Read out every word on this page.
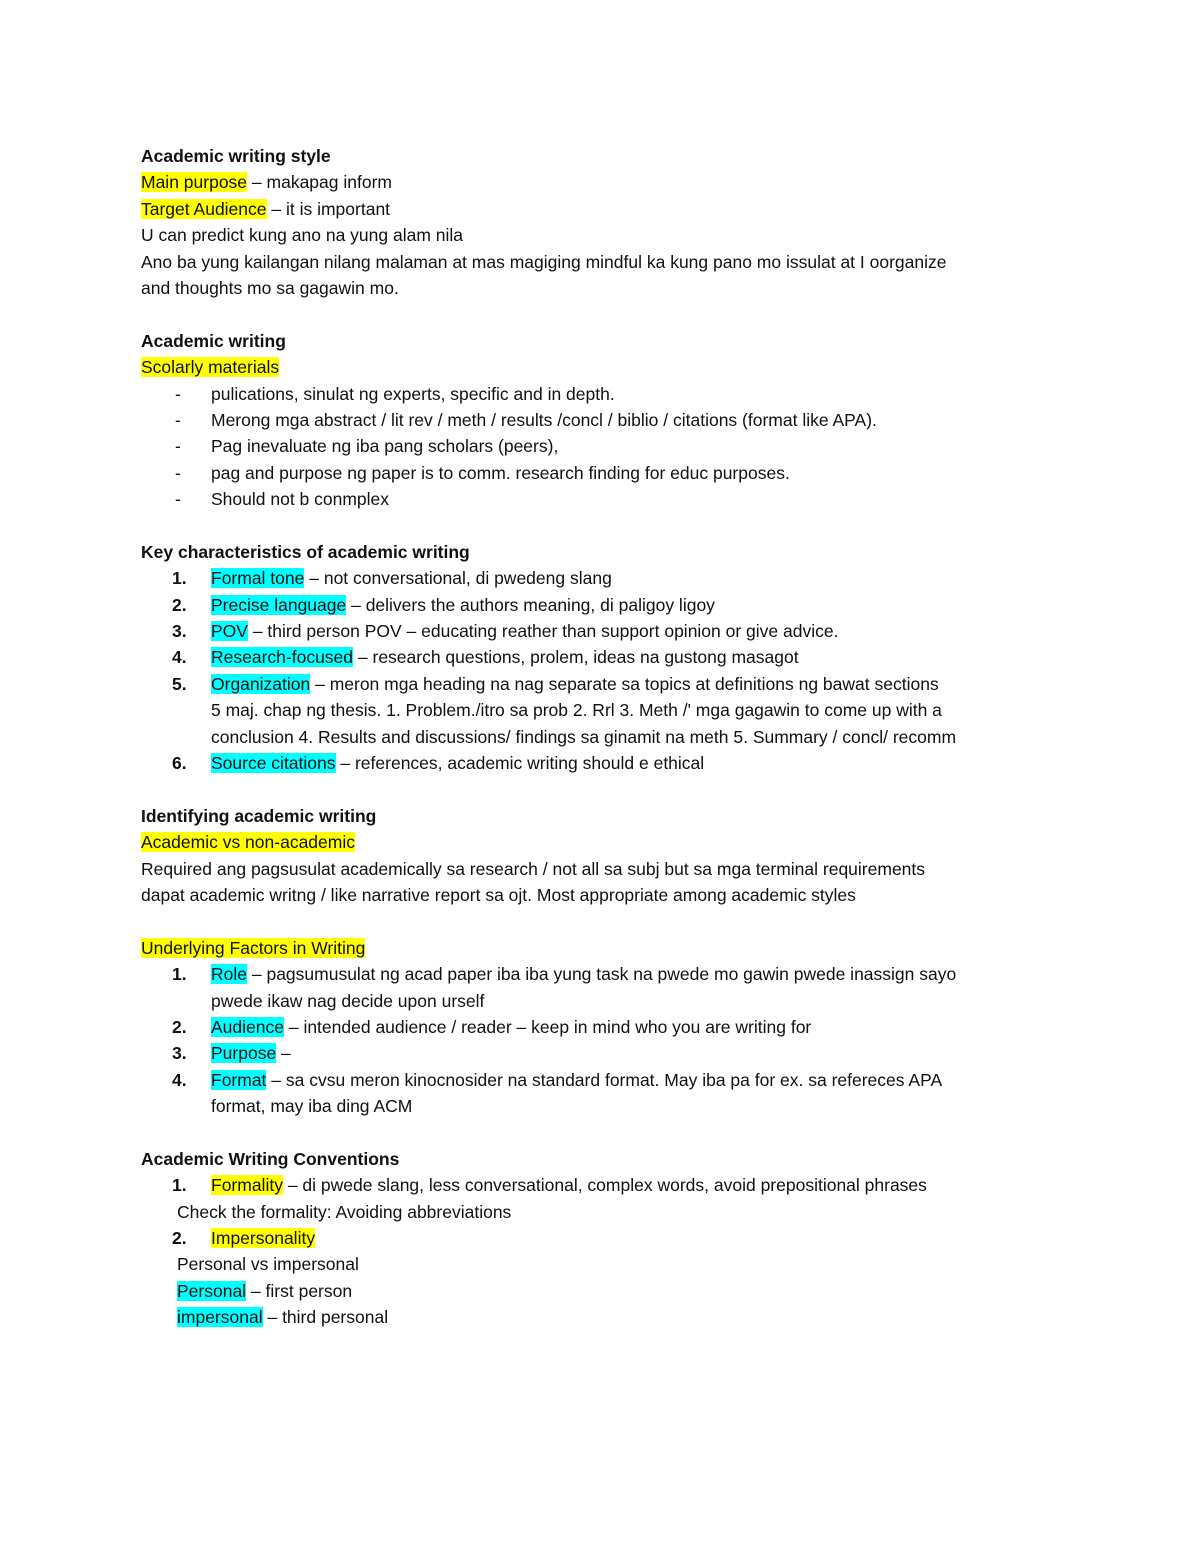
Academic writing style
Main purpose – makapag inform
Target Audience – it is important
U can predict kung ano na yung alam nila
Ano ba yung kailangan nilang malaman at mas magiging mindful ka kung pano mo issulat at I oorganize
and thoughts mo sa gagawin mo.
Academic writing
Scolarly materials
- pulications, sinulat ng experts, specific and in depth.
- Merong mga abstract / lit rev / meth / results /concl / biblio / citations (format like APA).
- Pag inevaluate ng iba pang scholars (peers),
- pag and purpose ng paper is to comm. research finding for educ purposes.
- Should not b conmplex
Key characteristics of academic writing
1. Formal tone – not conversational, di pwedeng slang
2. Precise language – delivers the authors meaning, di paligoy ligoy
3. POV – third person POV – educating reather than support opinion or give advice.
4. Research-focused – research questions, prolem, ideas na gustong masagot
5. Organization – meron mga heading na nag separate sa topics at definitions ng bawat sections
5 maj. chap ng thesis. 1. Problem./itro sa prob 2. Rrl 3. Meth /' mga gagawin to come up with a
conclusion 4. Results and discussions/ findings sa ginamit na meth 5. Summary / concl/ recomm
6. Source citations – references, academic writing should e ethical
Identifying academic writing
Academic vs non-academic
Required ang pagsusulat academically sa research / not all sa subj but sa mga terminal requirements
dapat academic writng / like narrative report sa ojt. Most appropriate among academic styles
Underlying Factors in Writing
1. Role – pagsumusulat ng acad paper iba iba yung task na pwede mo gawin pwede inassign sayo
pwede ikaw nag decide upon urself
2. Audience – intended audience / reader – keep in mind who you are writing for
3. Purpose –
4. Format – sa cvsu meron kinocnosider na standard format. May iba pa for ex. sa refereces APA
format, may iba ding ACM
Academic Writing Conventions
1. Formality – di pwede slang, less conversational, complex words, avoid prepositional phrases
Check the formality: Avoiding abbreviations
2. Impersonality
Personal vs impersonal
Personal – first person
impersonal – third personal
